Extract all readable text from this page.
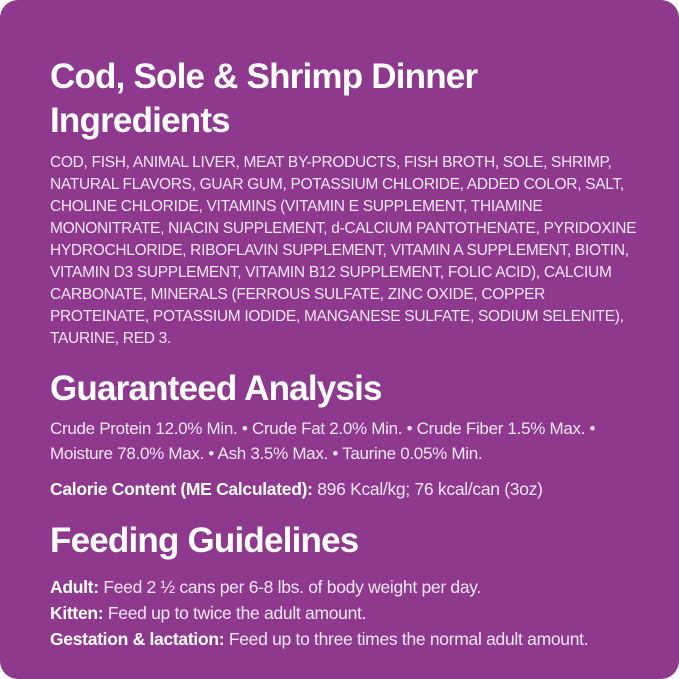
Cod, Sole & Shrimp Dinner
Ingredients

COD, FISH, ANIMAL LIVER, MEAT BY-PRODUCTS, FISH BROTH, SOLE, SHRIMP, NATURAL FLAVORS, GUAR GUM, POTASSIUM CHLORIDE, ADDED COLOR, SALT, CHOLINE CHLORIDE, VITAMINS (VITAMIN E SUPPLEMENT, THIAMINE MONONITRATE, NIACIN SUPPLEMENT, d-CALCIUM PANTOTHENATE, PYRIDOXINE HYDROCHLORIDE, RIBOFLAVIN SUPPLEMENT, VITAMIN A SUPPLEMENT, BIOTIN, VITAMIN D3 SUPPLEMENT, VITAMIN B12 SUPPLEMENT, FOLIC ACID), CALCIUM CARBONATE, MINERALS (FERROUS SULFATE, ZINC OXIDE, COPPER PROTEINATE, POTASSIUM IODIDE, MANGANESE SULFATE, SODIUM SELENITE), TAURINE, RED 3.

Guaranteed Analysis

Crude Protein 12.0% Min. • Crude Fat 2.0% Min. • Crude Fiber 1.5% Max. • Moisture 78.0% Max. • Ash 3.5% Max. • Taurine 0.05% Min.

Calorie Content (ME Calculated): 896 Kcal/kg; 76 kcal/can (3oz)
Feeding Guidelines
Adult: Feed 2 ½ cans per 6-8 lbs. of body weight per day.
Kitten: Feed up to twice the adult amount.
Gestation & lactation: Feed up to three times the normal adult amount.
